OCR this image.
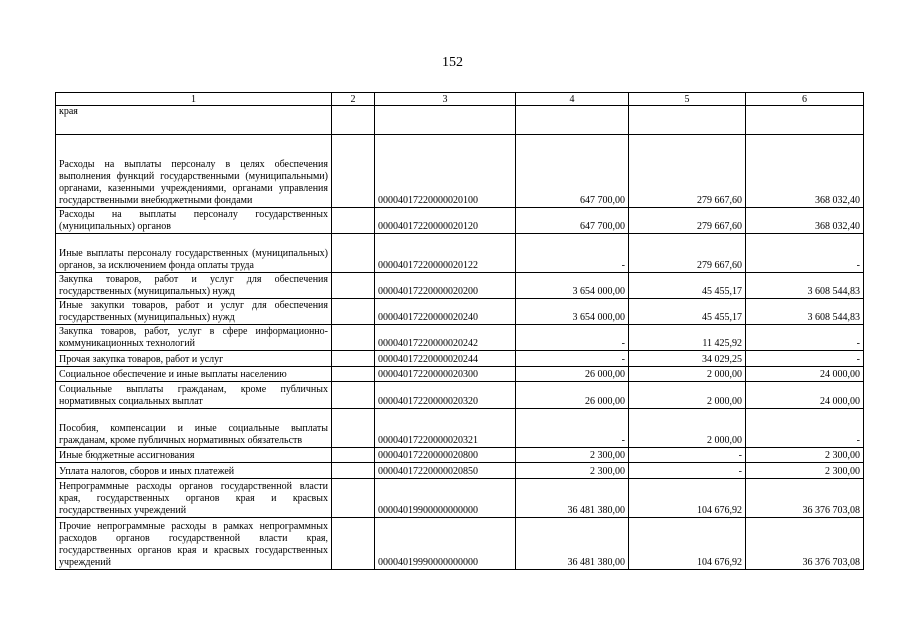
152
1	2	3	4	5	6
края					
Расходы на выплаты персоналу в целях обеспечения выполнения функций государственными (муниципальными) органами, казенными учреждениями, органами управления государственными внебюджетными фондами		00004017220000020100	647 700,00	279 667,60	368 032,40
Расходы на выплаты персоналу государственных (муниципальных) органов		00004017220000020120	647 700,00	279 667,60	368 032,40
Иные выплаты персоналу государственных (муниципальных) органов, за исключением фонда оплаты труда		00004017220000020122	-	279 667,60	-
Закупка товаров, работ и услуг для обеспечения государственных (муниципальных) нужд		00004017220000020200	3 654 000,00	45 455,17	3 608 544,83
Иные закупки товаров, работ и услуг для обеспечения государственных (муниципальных) нужд		00004017220000020240	3 654 000,00	45 455,17	3 608 544,83
Закупка товаров, работ, услуг в сфере информационно-коммуникационных технологий		00004017220000020242	-	11 425,92	-
Прочая закупка товаров, работ и услуг		00004017220000020244	-	34 029,25	-
Социальное обеспечение и иные выплаты населению		00004017220000020300	26 000,00	2 000,00	24 000,00
Социальные выплаты гражданам, кроме публичных нормативных социальных выплат		00004017220000020320	26 000,00	2 000,00	24 000,00
Пособия, компенсации и иные социальные выплаты гражданам, кроме публичных нормативных обязательств		00004017220000020321	-	2 000,00	-
Иные бюджетные ассигнования		00004017220000020800	2 300,00	-	2 300,00
Уплата налогов, сборов и иных платежей		00004017220000020850	2 300,00	-	2 300,00
Непрограммные расходы органов государственной власти края, государственных органов края и красвых государственных учреждений		00004019900000000000	36 481 380,00	104 676,92	36 376 703,08
Прочие непрограммные расходы в рамках непрограммных расходов органов государственной власти края, государственных органов края и красвых государственных учреждений		00004019990000000000	36 481 380,00	104 676,92	36 376 703,08
